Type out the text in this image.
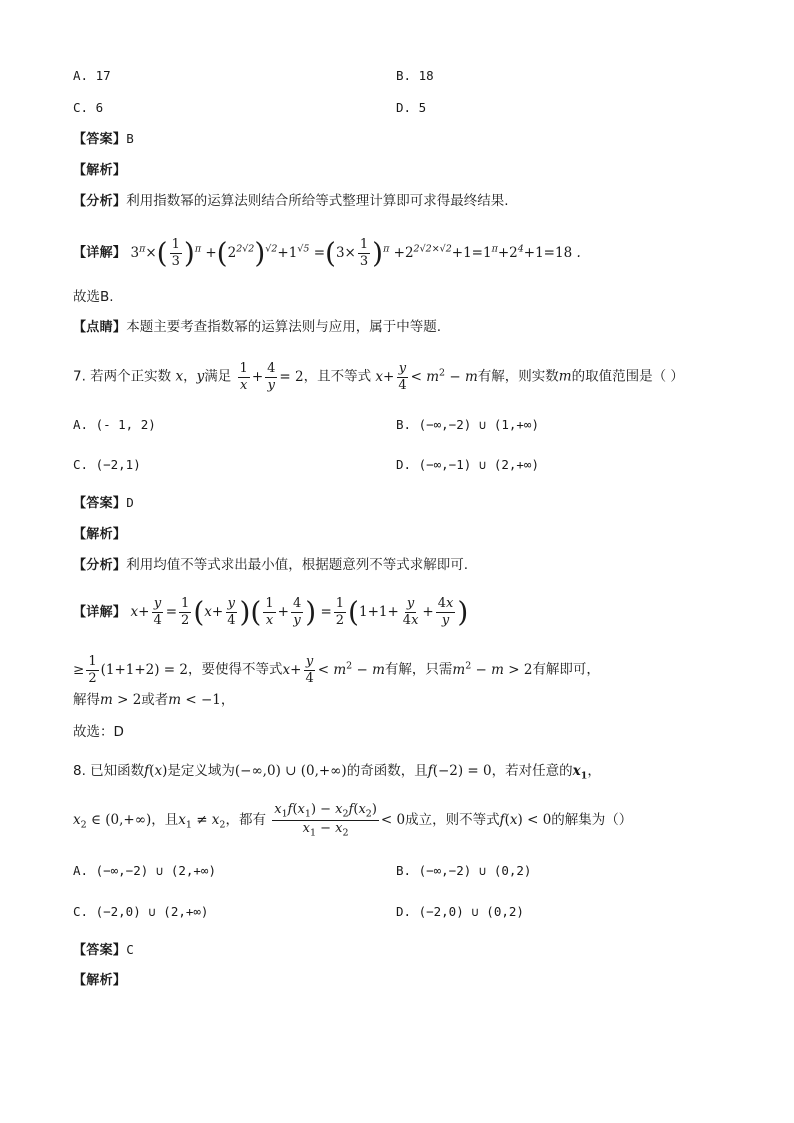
A. 17	B. 18
C. 6	D. 5
【答案】B
【解析】
【分析】利用指数幂的运算法则结合所给等式整理计算即可求得最终结果.
【详解】 $3^\pi\times( \frac{1}{3} )^\pi +(2^{2√2})^{√2}+1^{√5} =(3\times \frac{1}{3} )^\pi +2^{2√2\times√2}+1=1^\pi+2^4+1=18$ .
故选B.
【点睛】本题主要考查指数幂的运算法则与应用，属于中等题.
7. 若两个正实数 x，y满足 $\frac{1}{x} + \frac{4}{y} = 2$，且不等式 $x+ \frac{y}{4} < m^2 - m$有解，则实数m的取值范围是（ ）
A. (- 1, 2)	B. (−∞,−2) ∪ (1,+∞)
C. (−2,1)	D. (−∞,−1) ∪ (2,+∞)
【答案】D
【解析】
【分析】利用均值不等式求出最小值，根据题意列不等式求解即可.
【详解】 $x+ \frac{y}{4} = \frac{1}{2} (x+ \frac{y}{4}$ )( $\frac{1}{x} + \frac{4}{y}$ ) = $\frac{1}{2} (1+1+ \frac{y}{4x} + \frac{4x}{y}$ )
≥ $\frac{1}{2} (1+1+2) = 2$，要使得不等式$x+ \frac{y}{4} < m^2 - m$有解，只需$m^2 - m > 2$有解即可，
解得m > 2或者m < −1，
故选：D
8. 已知函数f(x)是定义域为(−∞,0) ∪ (0,+∞)的奇函数，且f(−2) = 0，若对任意的$x_1$，
$x_2$ ∈ (0,+∞)，且$x_1 \ne x_2$，都有 $\frac{x_1f(x_1) - x_2f(x_2)}{x_1 - x_2} < 0$成立，则不等式f(x) < 0的解集为（）
A. (−∞,−2) ∪ (2,+∞)	B. (−∞,−2) ∪ (0,2)
C. (−2,0) ∪ (2,+∞)	D. (−2,0) ∪ (0,2)
【答案】C
【解析】
